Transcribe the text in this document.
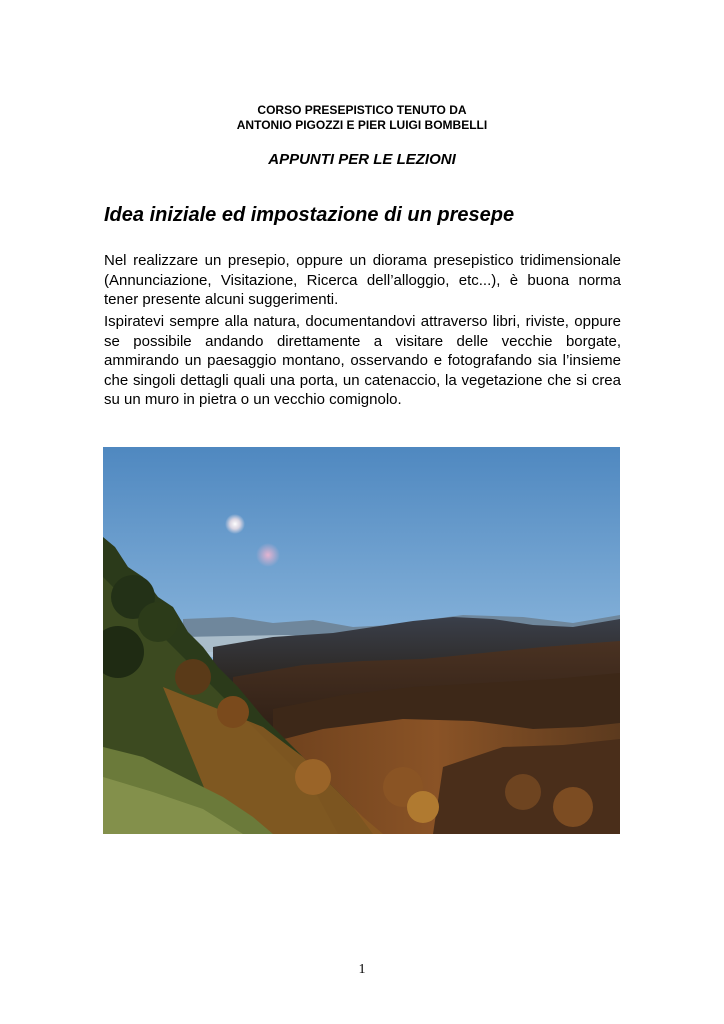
CORSO PRESEPISTICO TENUTO DA
ANTONIO PIGOZZI E PIER LUIGI BOMBELLI
APPUNTI PER LE LEZIONI
Idea iniziale ed impostazione di un presepe

Nel realizzare un presepio, oppure un diorama presepistico tridimensionale (Annunciazione, Visitazione, Ricerca dell’alloggio, etc...), è buona norma tener presente alcuni suggerimenti.

Ispiratevi sempre alla natura, documentandovi attraverso libri, riviste, oppure se possibile andando direttamente a visitare delle vecchie borgate, ammirando un paesaggio montano, osservando e fotografando sia l’insieme che singoli dettagli quali una porta, un catenaccio, la vegetazione che si crea su un muro in pietra o un vecchio comignolo.

1
